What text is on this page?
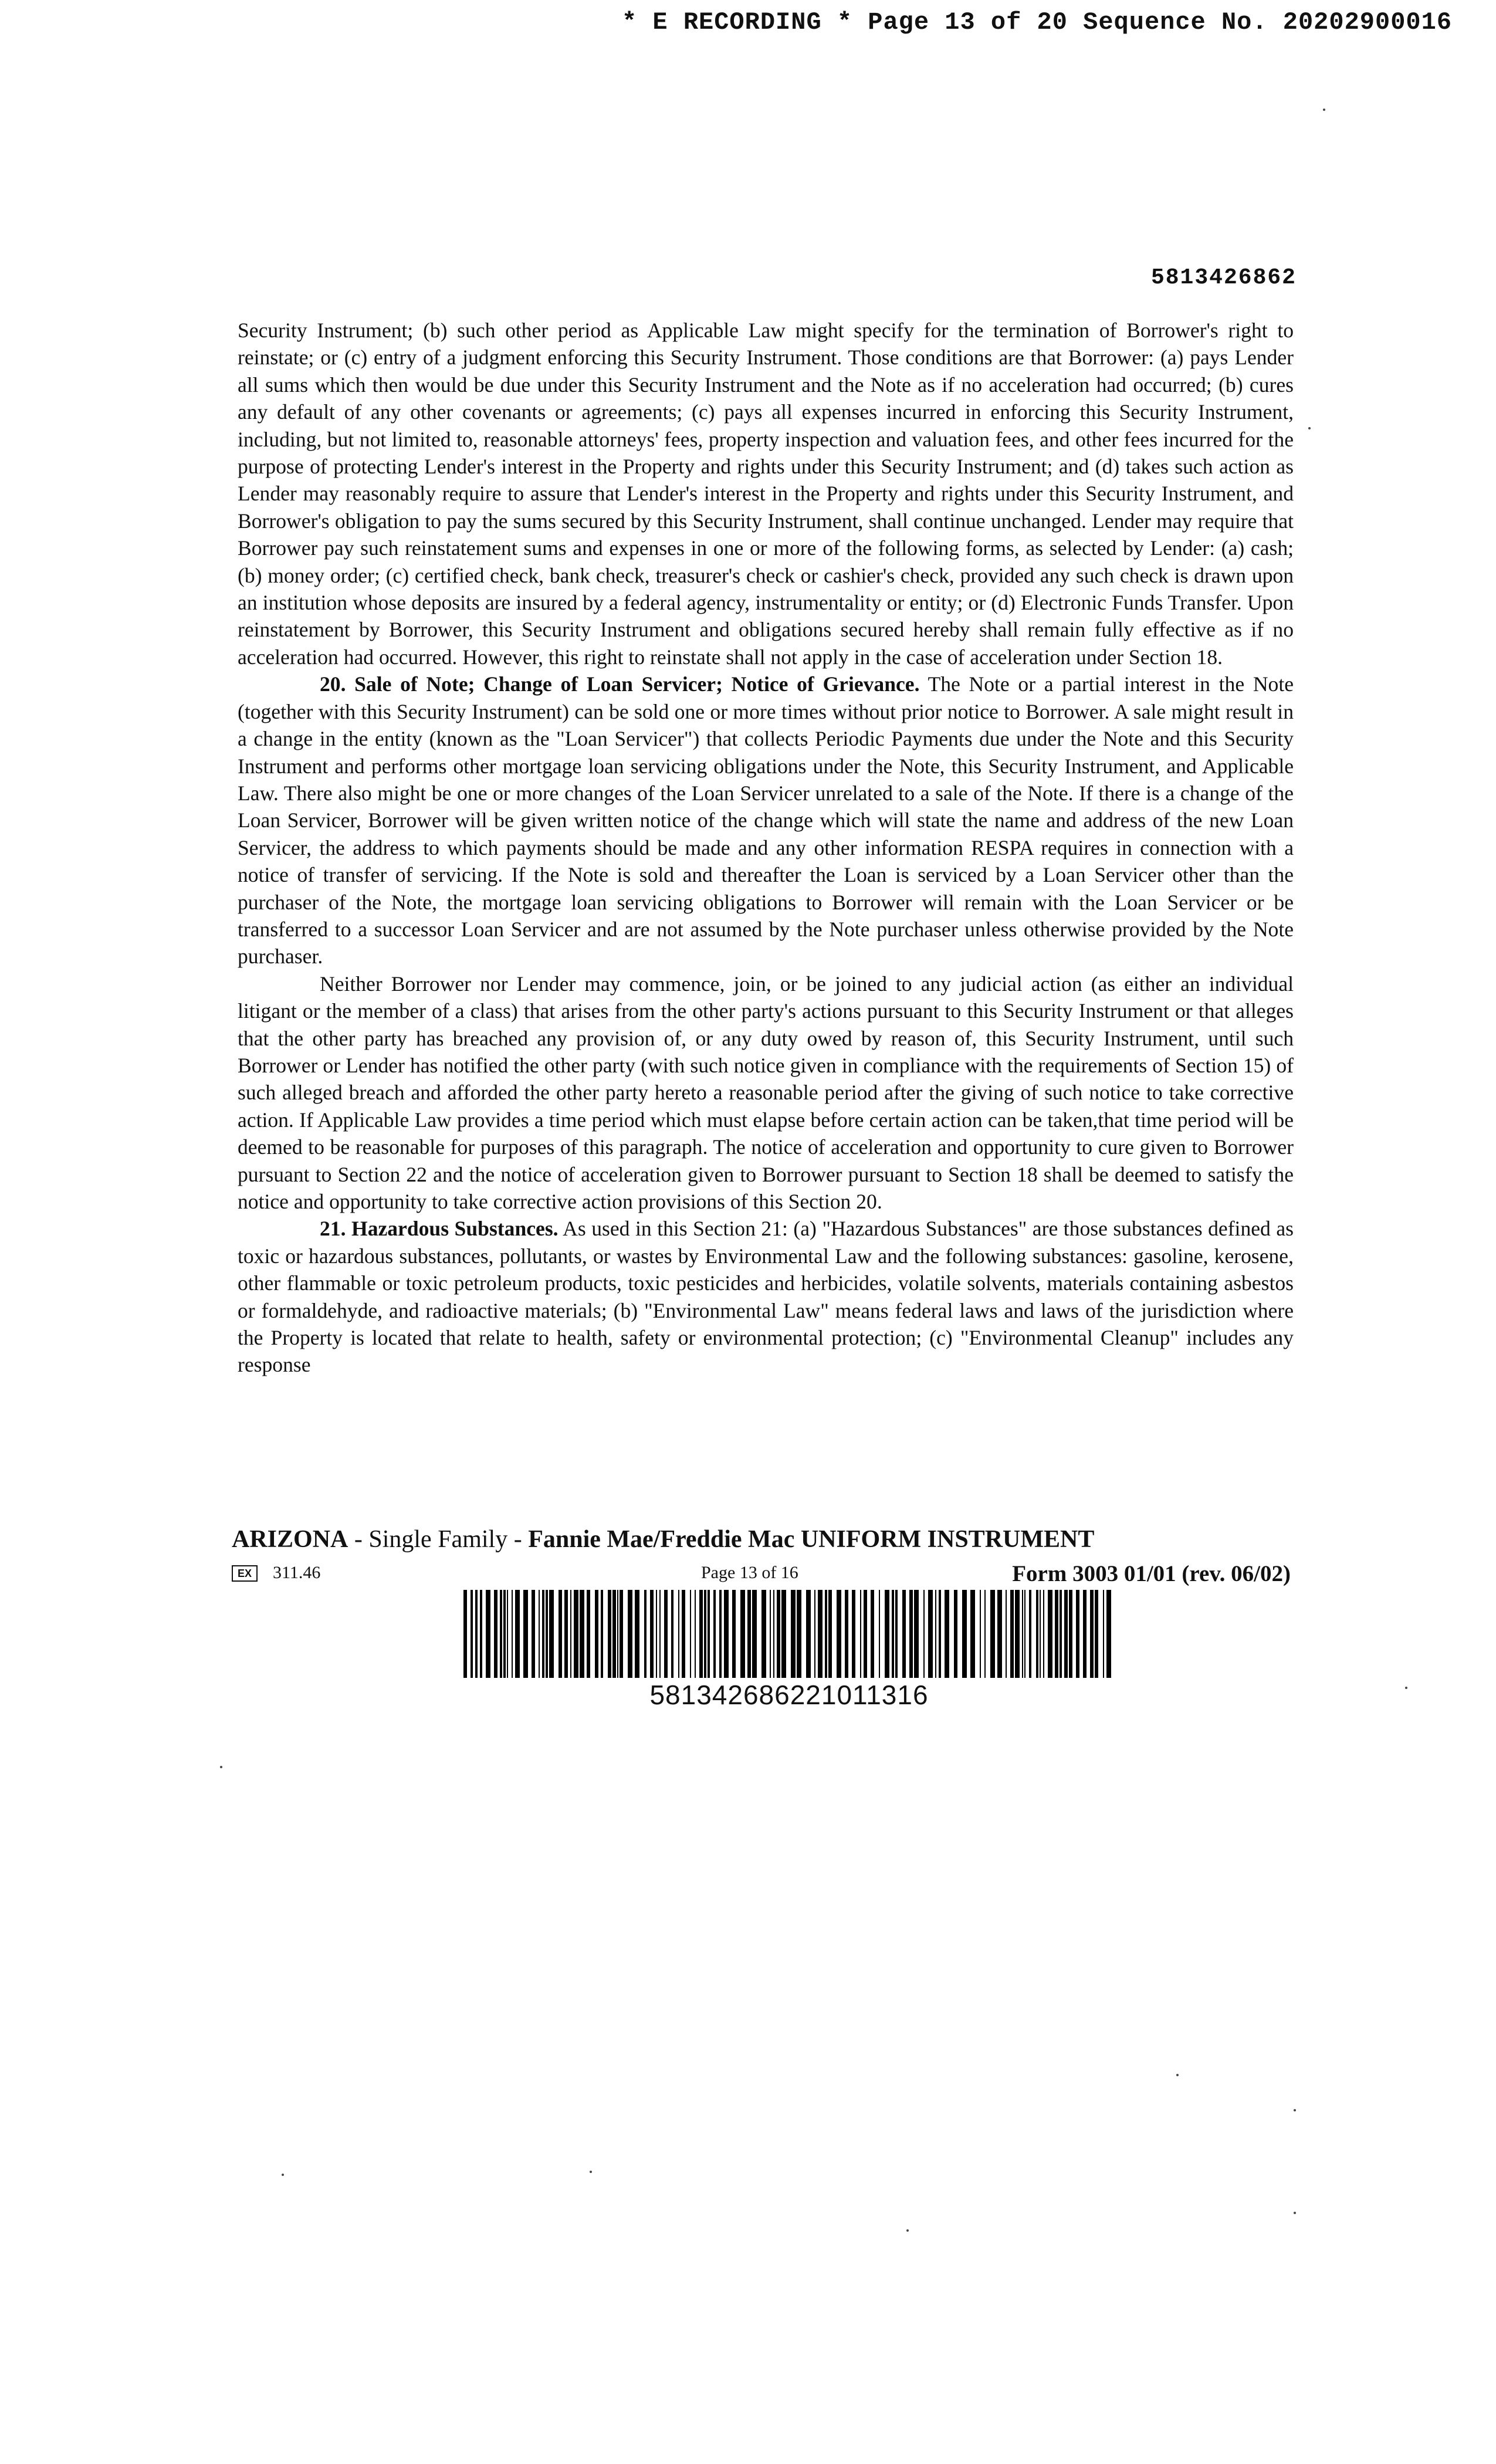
* E RECORDING * Page 13 of 20 Sequence No. 20202900016
5813426862

Security Instrument; (b) such other period as Applicable Law might specify for the termination of Borrower's right to reinstate; or (c) entry of a judgment enforcing this Security Instrument. Those conditions are that Borrower: (a) pays Lender all sums which then would be due under this Security Instrument and the Note as if no acceleration had occurred; (b) cures any default of any other covenants or agreements; (c) pays all expenses incurred in enforcing this Security Instrument, including, but not limited to, reasonable attorneys' fees, property inspection and valuation fees, and other fees incurred for the purpose of protecting Lender's interest in the Property and rights under this Security Instrument; and (d) takes such action as Lender may reasonably require to assure that Lender's interest in the Property and rights under this Security Instrument, and Borrower's obligation to pay the sums secured by this Security Instrument, shall continue unchanged. Lender may require that Borrower pay such reinstatement sums and expenses in one or more of the following forms, as selected by Lender: (a) cash; (b) money order; (c) certified check, bank check, treasurer's check or cashier's check, provided any such check is drawn upon an institution whose deposits are insured by a federal agency, instrumentality or entity; or (d) Electronic Funds Transfer. Upon reinstatement by Borrower, this Security Instrument and obligations secured hereby shall remain fully effective as if no acceleration had occurred. However, this right to reinstate shall not apply in the case of acceleration under Section 18.

20. Sale of Note; Change of Loan Servicer; Notice of Grievance. The Note or a partial interest in the Note (together with this Security Instrument) can be sold one or more times without prior notice to Borrower. A sale might result in a change in the entity (known as the "Loan Servicer") that collects Periodic Payments due under the Note and this Security Instrument and performs other mortgage loan servicing obligations under the Note, this Security Instrument, and Applicable Law. There also might be one or more changes of the Loan Servicer unrelated to a sale of the Note. If there is a change of the Loan Servicer, Borrower will be given written notice of the change which will state the name and address of the new Loan Servicer, the address to which payments should be made and any other information RESPA requires in connection with a notice of transfer of servicing. If the Note is sold and thereafter the Loan is serviced by a Loan Servicer other than the purchaser of the Note, the mortgage loan servicing obligations to Borrower will remain with the Loan Servicer or be transferred to a successor Loan Servicer and are not assumed by the Note purchaser unless otherwise provided by the Note purchaser.

Neither Borrower nor Lender may commence, join, or be joined to any judicial action (as either an individual litigant or the member of a class) that arises from the other party's actions pursuant to this Security Instrument or that alleges that the other party has breached any provision of, or any duty owed by reason of, this Security Instrument, until such Borrower or Lender has notified the other party (with such notice given in compliance with the requirements of Section 15) of such alleged breach and afforded the other party hereto a reasonable period after the giving of such notice to take corrective action. If Applicable Law provides a time period which must elapse before certain action can be taken,that time period will be deemed to be reasonable for purposes of this paragraph. The notice of acceleration and opportunity to cure given to Borrower pursuant to Section 22 and the notice of acceleration given to Borrower pursuant to Section 18 shall be deemed to satisfy the notice and opportunity to take corrective action provisions of this Section 20.

21. Hazardous Substances. As used in this Section 21: (a) "Hazardous Substances" are those substances defined as toxic or hazardous substances, pollutants, or wastes by Environmental Law and the following substances: gasoline, kerosene, other flammable or toxic petroleum products, toxic pesticides and herbicides, volatile solvents, materials containing asbestos or formaldehyde, and radioactive materials; (b) "Environmental Law" means federal laws and laws of the jurisdiction where the Property is located that relate to health, safety or environmental protection; (c) "Environmental Cleanup" includes any response

ARIZONA - Single Family - Fannie Mae/Freddie Mac UNIFORM INSTRUMENT
EX	311.46	Page 13 of 16	Form 3003 01/01 (rev. 06/02)
581342686221011316
